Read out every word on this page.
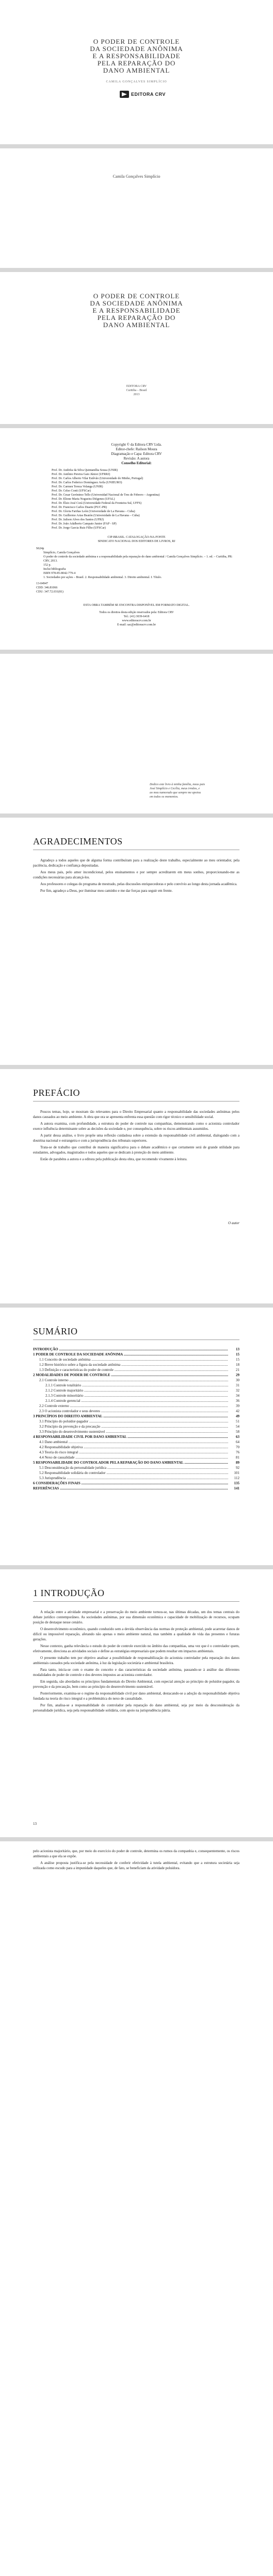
O PODER DE CONTROLE
DA SOCIEDADE ANÔNIMA
E A RESPONSABILIDADE
PELA REPARAÇÃO DO
DANO AMBIENTAL
CAMILA GONÇALVES SIMPLÍCIO
EDITORA CRV
Camila Gonçalves Simplício
O PODER DE CONTROLE
DA SOCIEDADE ANÔNIMA
E A RESPONSABILIDADE
PELA REPARAÇÃO DO
DANO AMBIENTAL
EDITORA CRV
Curitiba – Brasil
2013
Copyright © da Editora CRV Ltda.
Editor-chefe: Railson Moura
Diagramação e Capa: Editora CRV
Revisão: A autora
Conselho Editorial:
Prof. Dr. Andréia da Silva Quintanilha Sousa (UNIR)
Prof. Dr. Antônio Pereira Gaio Júnior (UFRRJ)
Prof. Dr. Carlos Alberto Vilar Estêvão (Universidade do Minho, Portugal)
Prof. Dr. Carlos Federico Domínguez Avila (UNIEURO)
Prof. Dr. Carmen Tereza Velanga (UNIR)
Prof. Dr. Celso Conti (UFSCar)
Prof. Dr. Cesar Gerónimo Tello (Universidad Nacional de Tres de Febrero – Argentina)
Prof. Dr. Elione Maria Nogueira Diógenes (UFAL)
Prof. Dr. Élsio José Corá (Universidade Federal da Fronteira Sul, UFFS)
Prof. Dr. Francisco Carlos Duarte (PUC-PR)
Prof. Dr. Gloria Fariñas León (Universidade de La Havana – Cuba)
Prof. Dr. Guillermo Arias Beatón (Universidade de La Havana – Cuba)
Prof. Dr. Jailson Alves dos Santos (UFRJ)
Prof. Dr. João Adalberto Campato Junior (FAP - SP)
Prof. Dr. Jorge Garcia Ruiz Filho (UFSCar)
CIP-BRASIL. CATALOGAÇÃO-NA-FONTE
SINDICATO NACIONAL DOS EDITORES DE LIVROS, RJ
S624p
Simplício, Camila Gonçalves
O poder de controle da sociedade anônima e a responsabilidade pela reparação do dano ambiental / Camila Gonçalves Simplício. – 1. ed. – Curitiba, PR: CRV, 2013.
152 p.
Inclui bibliografia
ISBN 978-85-8042-779-4
1. Sociedades por ações – Brasil. 2. Responsabilidade ambiental. 3. Direito ambiental. I. Título.
13-04947
CDD: 346.81066
CDU: 347.72.031(81)
ESTA OBRA TAMBÉM SE ENCONTRA DISPONÍVEL EM FORMATO DIGITAL.
Todos os direitos desta edição reservados pela: Editora CRV
Tel.: (41) 3039-6418
www.editoracrv.com.br
E-mail: sac@editoracrv.com.br
Dedico este livro à minha família, meus pais
José Simplício e Cecília, meus irmãos, e
ao meu namorado que sempre me apoiou
em todos os momentos.
AGRADECIMENTOS

Agradeço a todos aqueles que de alguma forma contribuíram para a realização deste trabalho, especialmente ao meu orientador, pela paciência, dedicação e confiança depositadas.

Aos meus pais, pelo amor incondicional, pelos ensinamentos e por sempre acreditarem em meus sonhos, proporcionando-me as condições necessárias para alcançá-los.

Aos professores e colegas do programa de mestrado, pelas discussões enriquecedoras e pelo convívio ao longo desta jornada acadêmica.

Por fim, agradeço a Deus, por iluminar meu caminho e me dar forças para seguir em frente.

PREFÁCIO

Poucos temas, hoje, se mostram tão relevantes para o Direito Empresarial quanto a responsabilidade das sociedades anônimas pelos danos causados ao meio ambiente. A obra que ora se apresenta enfrenta essa questão com rigor técnico e sensibilidade social.

A autora examina, com profundidade, a estrutura do poder de controle nas companhias, demonstrando como o acionista controlador exerce influência determinante sobre as decisões da sociedade e, por consequência, sobre os riscos ambientais assumidos.

A partir dessa análise, o livro propõe uma reflexão cuidadosa sobre a extensão da responsabilidade civil ambiental, dialogando com a doutrina nacional e estrangeira e com a jurisprudência dos tribunais superiores.

Trata-se de trabalho que contribui de maneira significativa para o debate acadêmico e que certamente será de grande utilidade para estudantes, advogados, magistrados e todos aqueles que se dedicam à proteção do meio ambiente.

Estão de parabéns a autora e a editora pela publicação desta obra, que recomendo vivamente à leitura.

O autor
SUMÁRIO
INTRODUÇÃO .....	13
1 PODER DE CONTROLE DA SOCIEDADE ANÔNIMA .....	15
1.1 Conceito de sociedade anônima .....	15
1.2 Breve histórico sobre a figura da sociedade anônima .....	18
1.3 Definição e características do poder de controle .....	21
2 MODALIDADES DE PODER DE CONTROLE .....	29
2.1 Controle interno .....	30
2.1.1 Controle totalitário .....	31
2.1.2 Controle majoritário .....	32
2.1.3 Controle minoritário .....	34
2.1.4 Controle gerencial .....	36
2.2 Controle externo .....	39
2.3 O acionista controlador e seus deveres .....	42
3 PRINCÍPIOS DO DIREITO AMBIENTAL .....	49
3.1 Princípio do poluidor-pagador .....	51
3.2 Princípio da prevenção e da precaução .....	54
3.3 Princípio do desenvolvimento sustentável .....	58
4 RESPONSABILIDADE CIVIL POR DANO AMBIENTAL .....	63
4.1 Dano ambiental .....	64
4.2 Responsabilidade objetiva .....	70
4.3 Teoria do risco integral .....	76
4.4 Nexo de causalidade .....	81
5 RESPONSABILIDADE DO CONTROLADOR PELA REPARAÇÃO DO DANO AMBIENTAL .....	89
5.1 Desconsideração da personalidade jurídica .....	92
5.2 Responsabilidade solidária do controlador .....	101
5.3 Jurisprudência .....	112
6 CONSIDERAÇÕES FINAIS .....	135
REFERÊNCIAS .....	141
1 INTRODUÇÃO

A relação entre a atividade empresarial e a preservação do meio ambiente tornou-se, nas últimas décadas, um dos temas centrais do debate jurídico contemporâneo. As sociedades anônimas, por sua dimensão econômica e capacidade de mobilização de recursos, ocupam posição de destaque nesse cenário.

O desenvolvimento econômico, quando conduzido sem a devida observância das normas de proteção ambiental, pode acarretar danos de difícil ou impossível reparação, afetando não apenas o meio ambiente natural, mas também a qualidade de vida das presentes e futuras gerações.

Nesse contexto, ganha relevância o estudo do poder de controle exercido no âmbito das companhias, uma vez que é o controlador quem, efetivamente, direciona as atividades sociais e define as estratégias empresariais que podem resultar em impactos ambientais.

O presente trabalho tem por objetivo analisar a possibilidade de responsabilização do acionista controlador pela reparação dos danos ambientais causados pela sociedade anônima, à luz da legislação societária e ambiental brasileira.

Para tanto, inicia-se com o exame do conceito e das características da sociedade anônima, passando-se à análise das diferentes modalidades de poder de controle e dos deveres impostos ao acionista controlador.

Em seguida, são abordados os princípios fundamentais do Direito Ambiental, com especial atenção ao princípio do poluidor-pagador, da prevenção e da precaução, bem como ao princípio do desenvolvimento sustentável.

Posteriormente, examina-se o regime da responsabilidade civil por dano ambiental, destacando-se a adoção da responsabilidade objetiva fundada na teoria do risco integral e a problemática do nexo de causalidade.

Por fim, analisa-se a responsabilidade do controlador pela reparação do dano ambiental, seja por meio da desconsideração da personalidade jurídica, seja pela responsabilidade solidária, com apoio na jurisprudência pátria.

13

pelo acionista majoritário, que, por meio do exercício do poder de controle, determina os rumos da companhia e, consequentemente, os riscos ambientais a que ela se expõe.

A análise proposta justifica-se pela necessidade de conferir efetividade à tutela ambiental, evitando que a estrutura societária seja utilizada como escudo para a impunidade daqueles que, de fato, se beneficiam da atividade poluidora.
